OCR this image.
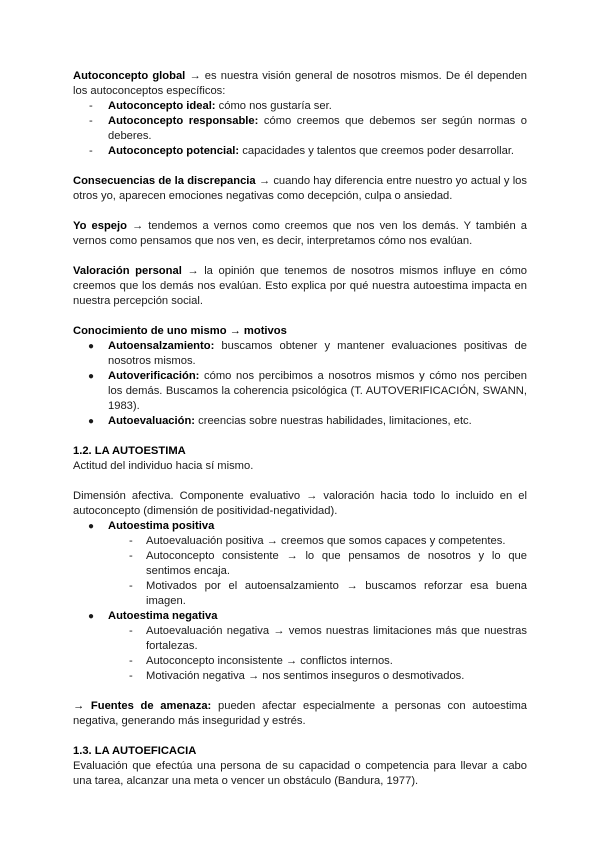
Autoconcepto global → es nuestra visión general de nosotros mismos. De él dependen los autoconceptos específicos:

- Autoconcepto ideal: cómo nos gustaría ser.
- Autoconcepto responsable: cómo creemos que debemos ser según normas o deberes.
- Autoconcepto potencial: capacidades y talentos que creemos poder desarrollar.

Consecuencias de la discrepancia → cuando hay diferencia entre nuestro yo actual y los otros yo, aparecen emociones negativas como decepción, culpa o ansiedad.

Yo espejo → tendemos a vernos como creemos que nos ven los demás. Y también a vernos como pensamos que nos ven, es decir, interpretamos cómo nos evalúan.

Valoración personal → la opinión que tenemos de nosotros mismos influye en cómo creemos que los demás nos evalúan. Esto explica por qué nuestra autoestima impacta en nuestra percepción social.

Conocimiento de uno mismo → motivos

● Autoensalzamiento: buscamos obtener y mantener evaluaciones positivas de nosotros mismos.
● Autoverificación: cómo nos percibimos a nosotros mismos y cómo nos perciben los demás. Buscamos la coherencia psicológica (T. AUTOVERIFICACIÓN, SWANN, 1983).
● Autoevaluación: creencias sobre nuestras habilidades, limitaciones, etc.
1.2. LA AUTOESTIMA

Actitud del individuo hacia sí mismo.

Dimensión afectiva. Componente evaluativo → valoración hacia todo lo incluido en el autoconcepto (dimensión de positividad-negatividad).

● Autoestima positiva
- Autoevaluación positiva → creemos que somos capaces y competentes.
- Autoconcepto consistente → lo que pensamos de nosotros y lo que sentimos encaja.
- Motivados por el autoensalzamiento → buscamos reforzar esa buena imagen.
● Autoestima negativa
- Autoevaluación negativa → vemos nuestras limitaciones más que nuestras fortalezas.
- Autoconcepto inconsistente → conflictos internos.
- Motivación negativa → nos sentimos inseguros o desmotivados.

→ Fuentes de amenaza: pueden afectar especialmente a personas con autoestima negativa, generando más inseguridad y estrés.

1.3. LA AUTOEFICACIA

Evaluación que efectúa una persona de su capacidad o competencia para llevar a cabo una tarea, alcanzar una meta o vencer un obstáculo (Bandura, 1977).
